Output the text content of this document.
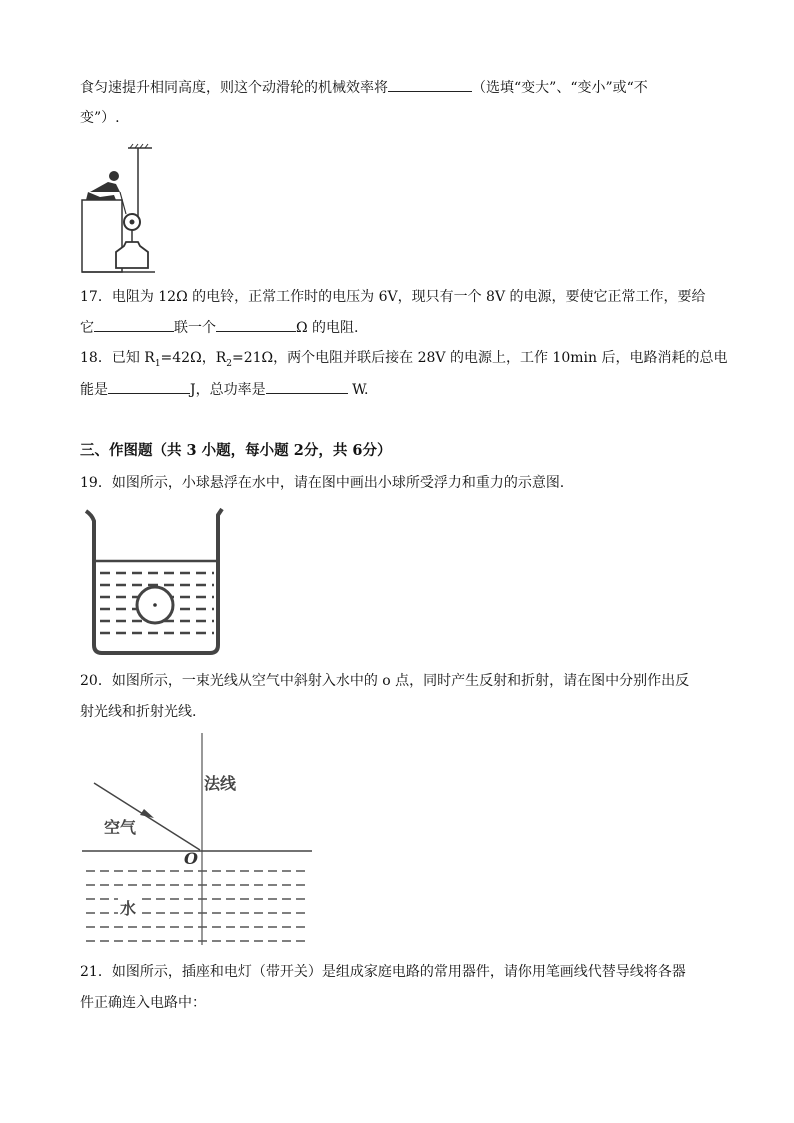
食匀速提升相同高度，则这个动滑轮的机械效率将	（选填“变大”、“变小”或“不
变”）.
17．电阻为 12Ω 的电铃，正常工作时的电压为 6V，现只有一个 8V 的电源，要使它正常工作，要给
它	联一个	Ω 的电阻.
18．已知 $R_1=42\Omega$，$R_2=21\Omega$，两个电阻并联后接在 28V 的电源上，工作 10min 后，电路消耗的总电
能是	J，总功率是	W.
三、作图题（共 3 小题，每小题 2分，共 6分）
19．如图所示，小球悬浮在水中，请在图中画出小球所受浮力和重力的示意图.
20．如图所示，一束光线从空气中斜射入水中的 o 点，同时产生反射和折射，请在图中分别作出反
射光线和折射光线.
法线
空气
O
水
21．如图所示，插座和电灯（带开关）是组成家庭电路的常用器件，请你用笔画线代替导线将各器
件正确连入电路中：
